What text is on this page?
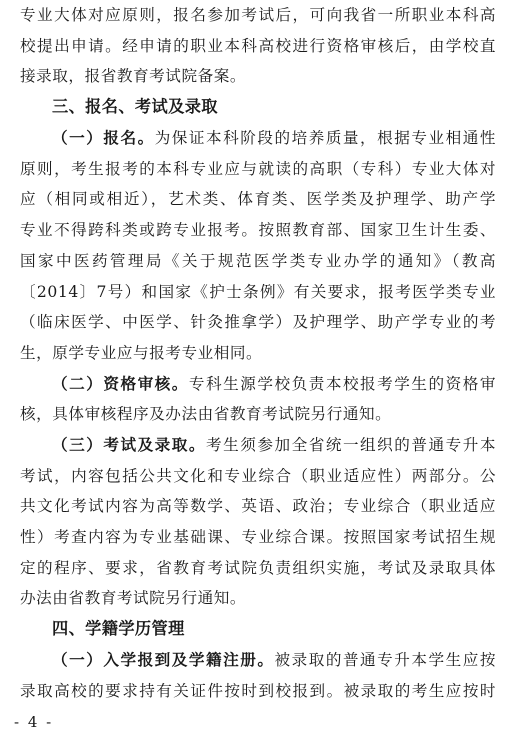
专业大体对应原则，报名参加考试后，可向我省一所职业本科高
校提出申请。经申请的职业本科高校进行资格审核后，由学校直
接录取，报省教育考试院备案。
三、报名、考试及录取
（一）报名。为保证本科阶段的培养质量，根据专业相通性
原则，考生报考的本科专业应与就读的高职（专科）专业大体对
应（相同或相近），艺术类、体育类、医学类及护理学、助产学
专业不得跨科类或跨专业报考。按照教育部、国家卫生计生委、
国家中医药管理局《关于规范医学类专业办学的通知》（教高
〔2014〕7号）和国家《护士条例》有关要求，报考医学类专业
（临床医学、中医学、针灸推拿学）及护理学、助产学专业的考
生，原学专业应与报考专业相同。
（二）资格审核。专科生源学校负责本校报考学生的资格审
核，具体审核程序及办法由省教育考试院另行通知。
（三）考试及录取。考生须参加全省统一组织的普通专升本
考试，内容包括公共文化和专业综合（职业适应性）两部分。公
共文化考试内容为高等数学、英语、政治；专业综合（职业适应
性）考查内容为专业基础课、专业综合课。按照国家考试招生规
定的程序、要求，省教育考试院负责组织实施，考试及录取具体
办法由省教育考试院另行通知。
四、学籍学历管理
（一）入学报到及学籍注册。被录取的普通专升本学生应按
录取高校的要求持有关证件按时到校报到。被录取的考生应按时
- 4 -
